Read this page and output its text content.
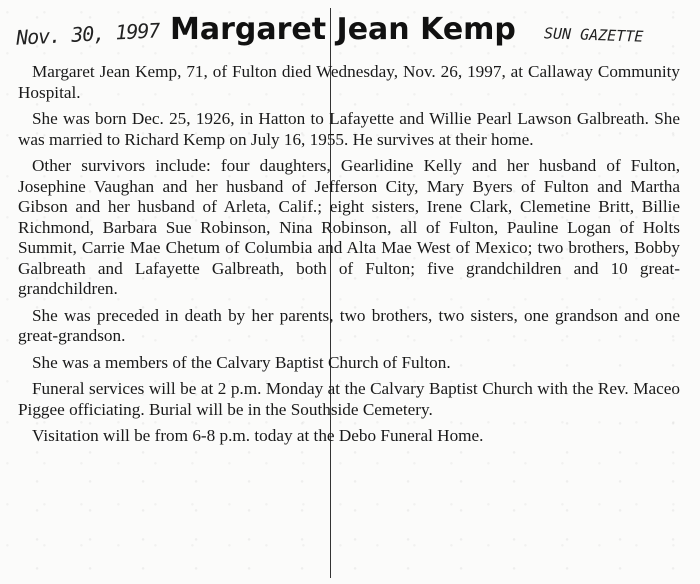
Nov. 30, 1997 Margaret Jean Kemp SUN GAZETTE

Margaret Jean Kemp, 71, of Fulton died Wednesday, Nov. 26, 1997, at Callaway Community Hospital.

She was born Dec. 25, 1926, in Hatton to Lafayette and Willie Pearl Lawson Galbreath. She was married to Richard Kemp on July 16, 1955. He survives at their home.

Other survivors include: four daughters, Gearlidine Kelly and her husband of Fulton, Josephine Vaughan and her husband of Jefferson City, Mary Byers of Fulton and Martha Gibson and her husband of Arleta, Calif.; eight sisters, Irene Clark, Clemetine Britt, Billie Richmond, Barbara Sue Robinson, Nina Robinson, all of Fulton, Pauline Logan of Holts Summit, Carrie Mae Chetum of Columbia and Alta Mae West of Mexico; two brothers, Bobby Galbreath and Lafayette Galbreath, both of Fulton; five grandchildren and 10 great-grandchildren.

She was preceded in death by her parents, two brothers, two sisters, one grandson and one great-grandson.

She was a members of the Calvary Baptist Church of Fulton.

Funeral services will be at 2 p.m. Monday at the Calvary Baptist Church with the Rev. Maceo Piggee officiating. Burial will be in the Southside Cemetery.

Visitation will be from 6-8 p.m. today at the Debo Funeral Home.
